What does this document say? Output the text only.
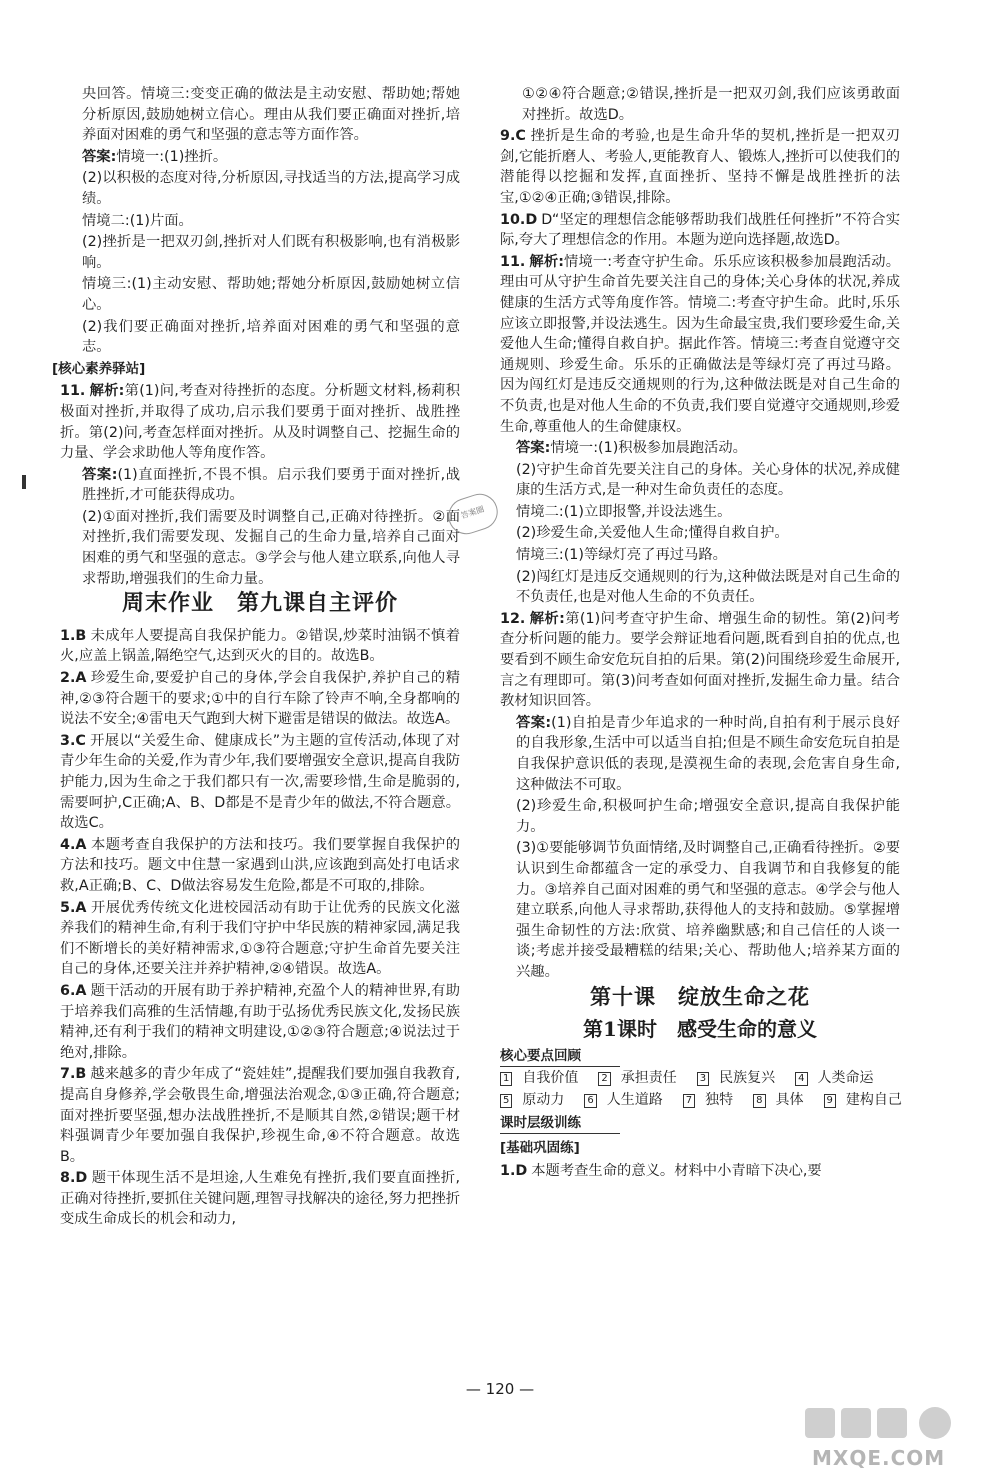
央回答。情境三:变变正确的做法是主动安慰、帮助她;帮她分析原因,鼓励她树立信心。理由从我们要正确面对挫折,培养面对困难的勇气和坚强的意志等方面作答。

答案:情境一:(1)挫折。

(2)以积极的态度对待,分析原因,寻找适当的方法,提高学习成绩。

情境二:(1)片面。

(2)挫折是一把双刃剑,挫折对人们既有积极影响,也有消极影响。

情境三:(1)主动安慰、帮助她;帮她分析原因,鼓励她树立信心。

(2)我们要正确面对挫折,培养面对困难的勇气和坚强的意志。

[核心素养驿站]

11. 解析:第(1)问,考查对待挫折的态度。分析题文材料,杨莉积极面对挫折,并取得了成功,启示我们要勇于面对挫折、战胜挫折。第(2)问,考查怎样面对挫折。从及时调整自己、挖掘生命的力量、学会求助他人等角度作答。

答案:(1)直面挫折,不畏不惧。启示我们要勇于面对挫折,战胜挫折,才可能获得成功。

(2)①面对挫折,我们需要及时调整自己,正确对待挫折。②面对挫折,我们需要发现、发掘自己的生命力量,培养自己面对困难的勇气和坚强的意志。③学会与他人建立联系,向他人寻求帮助,增强我们的生命力量。

周末作业　第九课自主评价

1.B 未成年人要提高自我保护能力。②错误,炒菜时油锅不慎着火,应盖上锅盖,隔绝空气,达到灭火的目的。故选B。

2.A 珍爱生命,要爱护自己的身体,学会自我保护,养护自己的精神,②③符合题干的要求;①中的自行车除了铃声不响,全身都响的说法不安全;④雷电天气跑到大树下避雷是错误的做法。故选A。

3.C 开展以“关爱生命、健康成长”为主题的宣传活动,体现了对青少年生命的关爱,作为青少年,我们要增强安全意识,提高自我防护能力,因为生命之于我们都只有一次,需要珍惜,生命是脆弱的,需要呵护,C正确;A、B、D都是不是青少年的做法,不符合题意。故选C。

4.A 本题考查自我保护的方法和技巧。我们要掌握自我保护的方法和技巧。题文中住慧一家遇到山洪,应该跑到高处打电话求救,A正确;B、C、D做法容易发生危险,都是不可取的,排除。

5.A 开展优秀传统文化进校园活动有助于让优秀的民族文化滋养我们的精神生命,有利于我们守护中华民族的精神家园,满足我们不断增长的美好精神需求,①③符合题意;守护生命首先要关注自己的身体,还要关注并养护精神,②④错误。故选A。

6.A 题干活动的开展有助于养护精神,充盈个人的精神世界,有助于培养我们高雅的生活情趣,有助于弘扬优秀民族文化,发扬民族精神,还有利于我们的精神文明建设,①②③符合题意;④说法过于绝对,排除。

7.B 越来越多的青少年成了“瓷娃娃”,提醒我们要加强自我教育,提高自身修养,学会敬畏生命,增强法治观念,①③正确,符合题意;面对挫折要坚强,想办法战胜挫折,不是顺其自然,②错误;题干材料强调青少年要加强自我保护,珍视生命,④不符合题意。故选B。

8.D 题干体现生活不是坦途,人生难免有挫折,我们要直面挫折,正确对待挫折,要抓住关键问题,理智寻找解决的途径,努力把挫折变成生命成长的机会和动力,

①②④符合题意;②错误,挫折是一把双刃剑,我们应该勇敢面对挫折。故选D。

9.C 挫折是生命的考验,也是生命升华的契机,挫折是一把双刃剑,它能折磨人、考验人,更能教育人、锻炼人,挫折可以使我们的潜能得以挖掘和发挥,直面挫折、坚持不懈是战胜挫折的法宝,①②④正确;③错误,排除。

10.D D“坚定的理想信念能够帮助我们战胜任何挫折”不符合实际,夸大了理想信念的作用。本题为逆向选择题,故选D。

11. 解析:情境一:考查守护生命。乐乐应该积极参加晨跑活动。理由可从守护生命首先要关注自己的身体;关心身体的状况,养成健康的生活方式等角度作答。情境二:考查守护生命。此时,乐乐应该立即报警,并设法逃生。因为生命最宝贵,我们要珍爱生命,关爱他人生命;懂得自救自护。据此作答。情境三:考查自觉遵守交通规则、珍爱生命。乐乐的正确做法是等绿灯亮了再过马路。因为闯红灯是违反交通规则的行为,这种做法既是对自己生命的不负责,也是对他人生命的不负责,我们要自觉遵守交通规则,珍爱生命,尊重他人的生命健康权。

答案:情境一:(1)积极参加晨跑活动。

(2)守护生命首先要关注自己的身体。关心身体的状况,养成健康的生活方式,是一种对生命负责任的态度。

情境二:(1)立即报警,并设法逃生。

(2)珍爱生命,关爱他人生命;懂得自救自护。

情境三:(1)等绿灯亮了再过马路。

(2)闯红灯是违反交通规则的行为,这种做法既是对自己生命的不负责任,也是对他人生命的不负责任。

12. 解析:第(1)问考查守护生命、增强生命的韧性。第(2)问考查分析问题的能力。要学会辩证地看问题,既看到自拍的优点,也要看到不顾生命安危玩自拍的后果。第(2)问围绕珍爱生命展开,言之有理即可。第(3)问考查如何面对挫折,发掘生命力量。结合教材知识回答。

答案:(1)自拍是青少年追求的一种时尚,自拍有利于展示良好的自我形象,生活中可以适当自拍;但是不顾生命安危玩自拍是自我保护意识低的表现,是漠视生命的表现,会危害自身生命,这种做法不可取。

(2)珍爱生命,积极呵护生命;增强安全意识,提高自我保护能力。

(3)①要能够调节负面情绪,及时调整自己,正确看待挫折。②要认识到生命都蕴含一定的承受力、自我调节和自我修复的能力。③培养自己面对困难的勇气和坚强的意志。④学会与他人建立联系,向他人寻求帮助,获得他人的支持和鼓励。⑤掌握增强生命韧性的方法:欣赏、培养幽默感;和自己信任的人谈一谈;考虑并接受最糟糕的结果;关心、帮助他人;培养某方面的兴趣。

第十课　绽放生命之花
第1课时　感受生命的意义
核心要点回顾
1 自我价值 2 承担责任 3 民族复兴 4 人类命运
5 原动力 6 人生道路 7 独特 8 具体 9 建构自己
课时层级训练
[基础巩固练]

1.D 本题考查生命的意义。材料中小青暗下决心,要

答案圈
— 120 —
MXQE.COM
